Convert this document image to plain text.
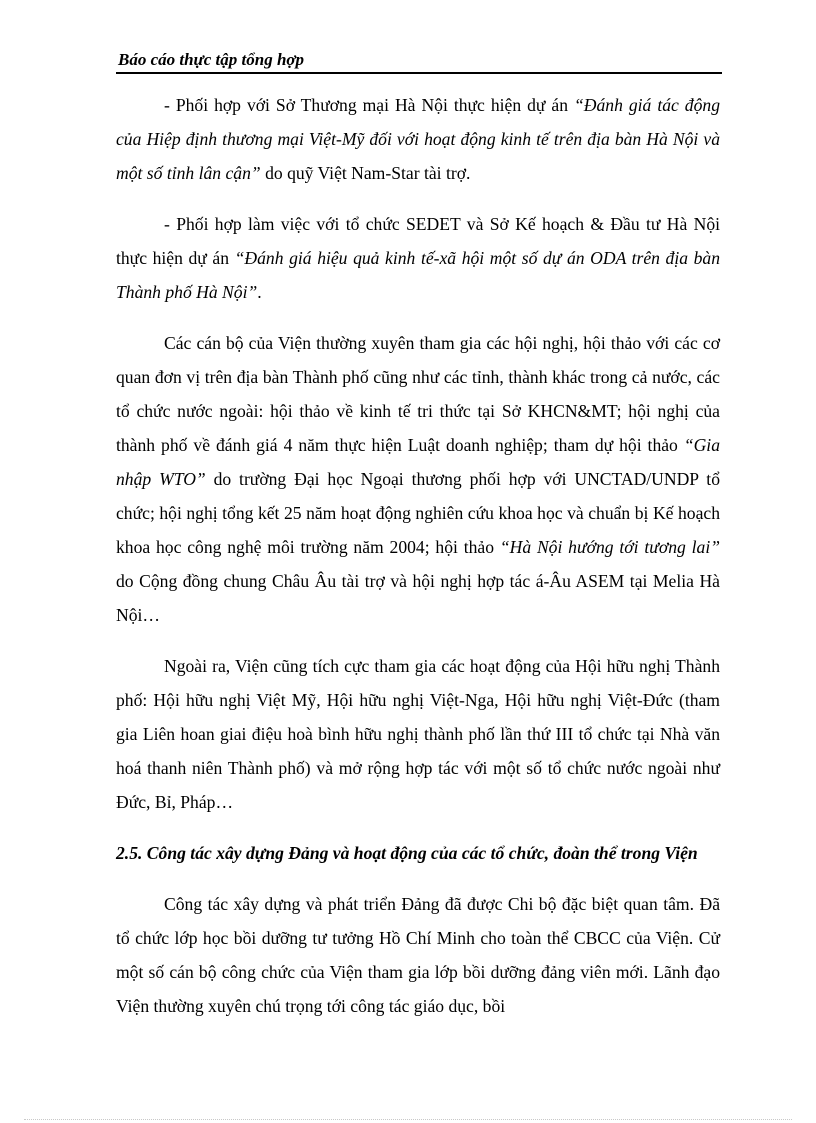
Báo cáo thực tập tổng hợp

- Phối hợp với Sở Thương mại Hà Nội thực hiện dự án “Đánh giá tác động của Hiệp định thương mại Việt-Mỹ đối với hoạt động kinh tế trên địa bàn Hà Nội và một số tỉnh lân cận” do quỹ Việt Nam-Star tài trợ.

- Phối hợp làm việc với tổ chức SEDET và Sở Kế hoạch & Đầu tư Hà Nội thực hiện dự án “Đánh giá hiệu quả kinh tế-xã hội một số dự án ODA trên địa bàn Thành phố Hà Nội”.

Các cán bộ của Viện thường xuyên tham gia các hội nghị, hội thảo với các cơ quan đơn vị trên địa bàn Thành phố cũng như các tỉnh, thành khác trong cả nước, các tổ chức nước ngoài: hội thảo về kinh tế tri thức tại Sở KHCN&MT; hội nghị của thành phố về đánh giá 4 năm thực hiện Luật doanh nghiệp; tham dự hội thảo “Gia nhập WTO” do trường Đại học Ngoại thương phối hợp với UNCTAD/UNDP tổ chức; hội nghị tổng kết 25 năm hoạt động nghiên cứu khoa học và chuẩn bị Kế hoạch khoa học công nghệ môi trường năm 2004; hội thảo “Hà Nội hướng tới tương lai” do Cộng đồng chung Châu Âu tài trợ và hội nghị hợp tác á-Âu ASEM tại Melia Hà Nội…

Ngoài ra, Viện cũng tích cực tham gia các hoạt động của Hội hữu nghị Thành phố: Hội hữu nghị Việt Mỹ, Hội hữu nghị Việt-Nga, Hội hữu nghị Việt-Đức (tham gia Liên hoan giai điệu hoà bình hữu nghị thành phố lần thứ III tổ chức tại Nhà văn hoá thanh niên Thành phố) và mở rộng hợp tác với một số tổ chức nước ngoài như Đức, Bỉ, Pháp…

2.5. Công tác xây dựng Đảng và hoạt động của các tổ chức, đoàn thể trong Viện

Công tác xây dựng và phát triển Đảng đã được Chi bộ đặc biệt quan tâm. Đã tổ chức lớp học bồi dưỡng tư tưởng Hồ Chí Minh cho toàn thể CBCC của Viện. Cử một số cán bộ công chức của Viện tham gia lớp bồi dưỡng đảng viên mới. Lãnh đạo Viện thường xuyên chú trọng tới công tác giáo dục, bồi
